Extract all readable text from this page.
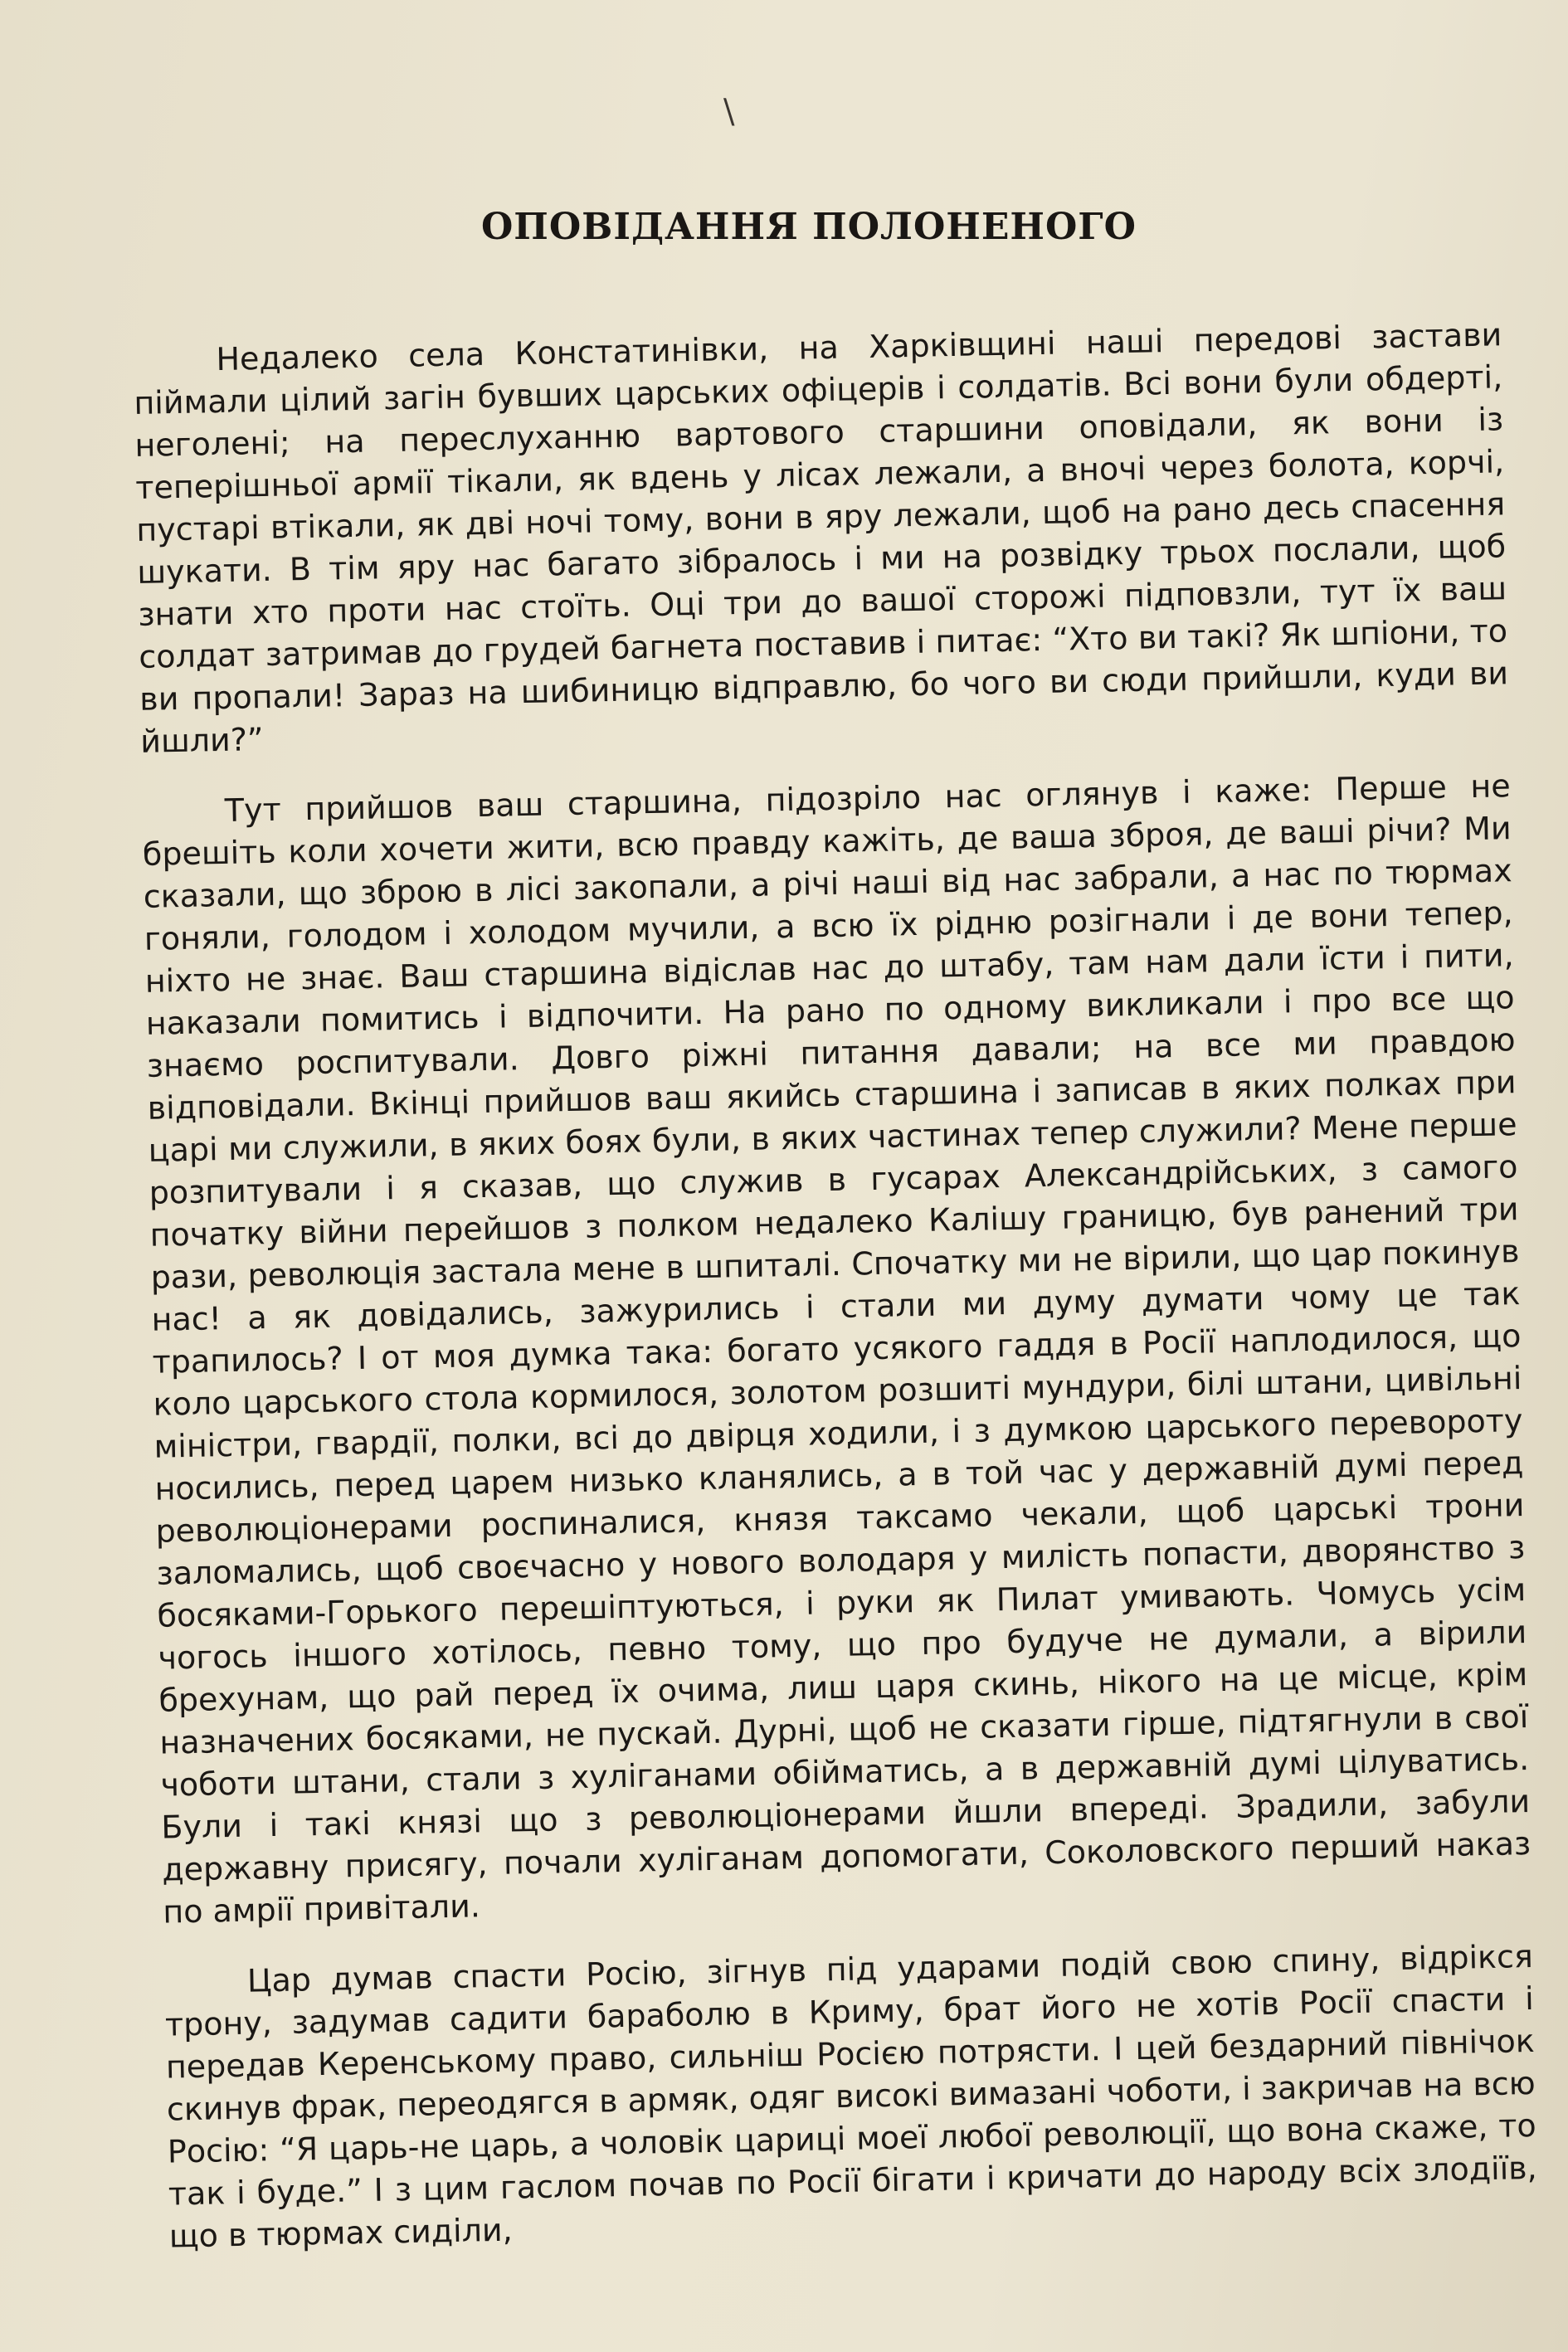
\
ОПОВІДАННЯ ПОЛОНЕНОГО

Недалеко села Констатинівки, на Харківщині наші передові застави піймали цілий загін бувших царських офіцерів і солдатів. Всі вони були обдерті, неголені; на переслуханню вартового старшини оповідали, як вони із теперішньої армії тікали, як вдень у лісах лежали, а вночі через болота, корчі, пустарі втікали, як дві ночі тому, вони в яру лежали, щоб на рано десь спасення шукати. В тім яру нас багато зібралось і ми на розвідку трьох послали, щоб знати хто проти нас стоїть. Оці три до вашої сторожі підповзли, тут їх ваш солдат затримав до грудей багнета поставив і питає: “Хто ви такі? Як шпіони, то ви пропали! Зараз на шибиницю відправлю, бо чого ви сюди прийшли, куди ви йшли?”

Тут прийшов ваш старшина, підозріло нас оглянув і каже: Перше не брешіть коли хочети жити, всю правду кажіть, де ваша зброя, де ваші річи? Ми сказали, що зброю в лісі закопали, а річі наші від нас забрали, а нас по тюрмах гоняли, голодом і холодом мучили, а всю їх рідню розігнали і де вони тепер, ніхто не знає. Ваш старшина відіслав нас до штабу, там нам дали їсти і пити, наказали помитись і відпочити. На рано по одному викликали і про все що знаємо роспитували. Довго ріжні питання давали; на все ми правдою відповідали. Вкінці прийшов ваш якийсь старшина і записав в яких полках при царі ми служили, в яких боях були, в яких частинах тепер служили? Мене перше розпитували і я сказав, що служив в гусарах Александрійських, з самого початку війни перейшов з полком недалеко Калішу границю, був ранений три рази, революція застала мене в шпиталі. Спочатку ми не вірили, що цар покинув нас! а як довідались, зажурились і стали ми думу думати чому це так трапилось? І от моя думка така: богато усякого гаддя в Росії наплодилося, що коло царського стола кормилося, золотом розшиті мундури, білі штани, цивільні міністри, гвардії, полки, всі до двірця ходили, і з думкою царського перевороту носились, перед царем низько кланялись, а в той час у державній думі перед революціонерами роспиналися, князя таксамо чекали, щоб царські трони заломались, щоб своєчасно у нового володаря у милість попасти, дворянство з босяками-Горького перешіптуються, і руки як Пилат умивають. Чомусь усім чогось іншого хотілось, певно тому, що про будуче не думали, а вірили брехунам, що рай перед їх очима, лиш царя скинь, нікого на це місце, крім назначених босяками, не пускай. Дурні, щоб не сказати гірше, підтягнули в свої чоботи штани, стали з хуліганами обійматись, а в державній думі цілуватись. Були і такі князі що з революціонерами йшли впереді. Зрадили, забули державну присягу, почали хуліганам допомогати, Соколовского перший наказ по амрії привітали.

Цар думав спасти Росію, зігнув під ударами подій свою спину, відрікся трону, задумав садити бараболю в Криму, брат його не хотів Росії спасти і передав Керенському право, сильніш Росією потрясти. І цей бездарний північок скинув фрак, переодягся в армяк, одяг високі вимазані чоботи, і закричав на всю Росію: “Я царь-не царь, а чоловік цариці моеї любої революції, що вона скаже, то так і буде.” І з цим гаслом почав по Росії бігати і кричати до народу всіх злодіїв, що в тюрмах сиділи,
